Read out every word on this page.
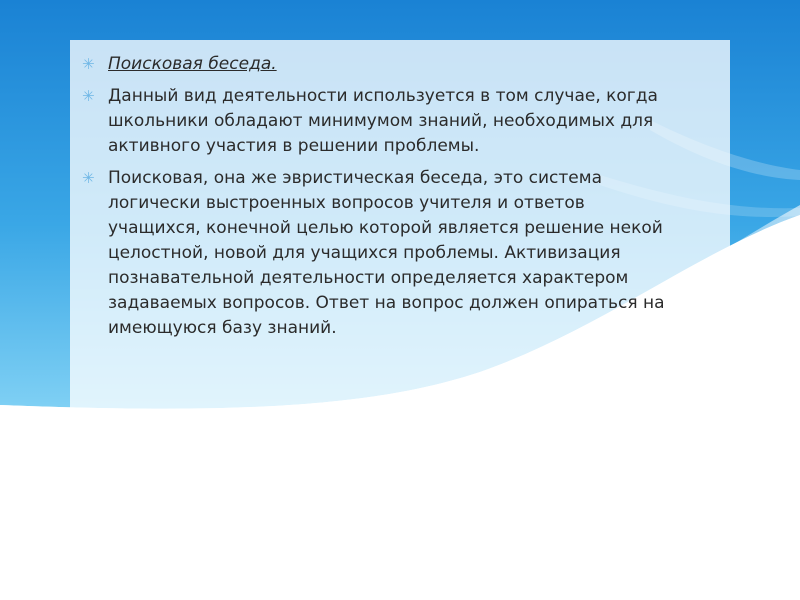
✳ Поисковая беседа.
✳ Данный вид деятельности используется в том случае, когда
школьники обладают минимумом знаний, необходимых для
активного участия в решении проблемы.
✳ Поисковая, она же эвристическая беседа, это система
логически выстроенных вопросов учителя и ответов
учащихся, конечной целью которой является решение некой
целостной, новой для учащихся проблемы. Активизация
познавательной деятельности определяется характером
задаваемых вопросов. Ответ на вопрос должен опираться на
имеющуюся базу знаний.
